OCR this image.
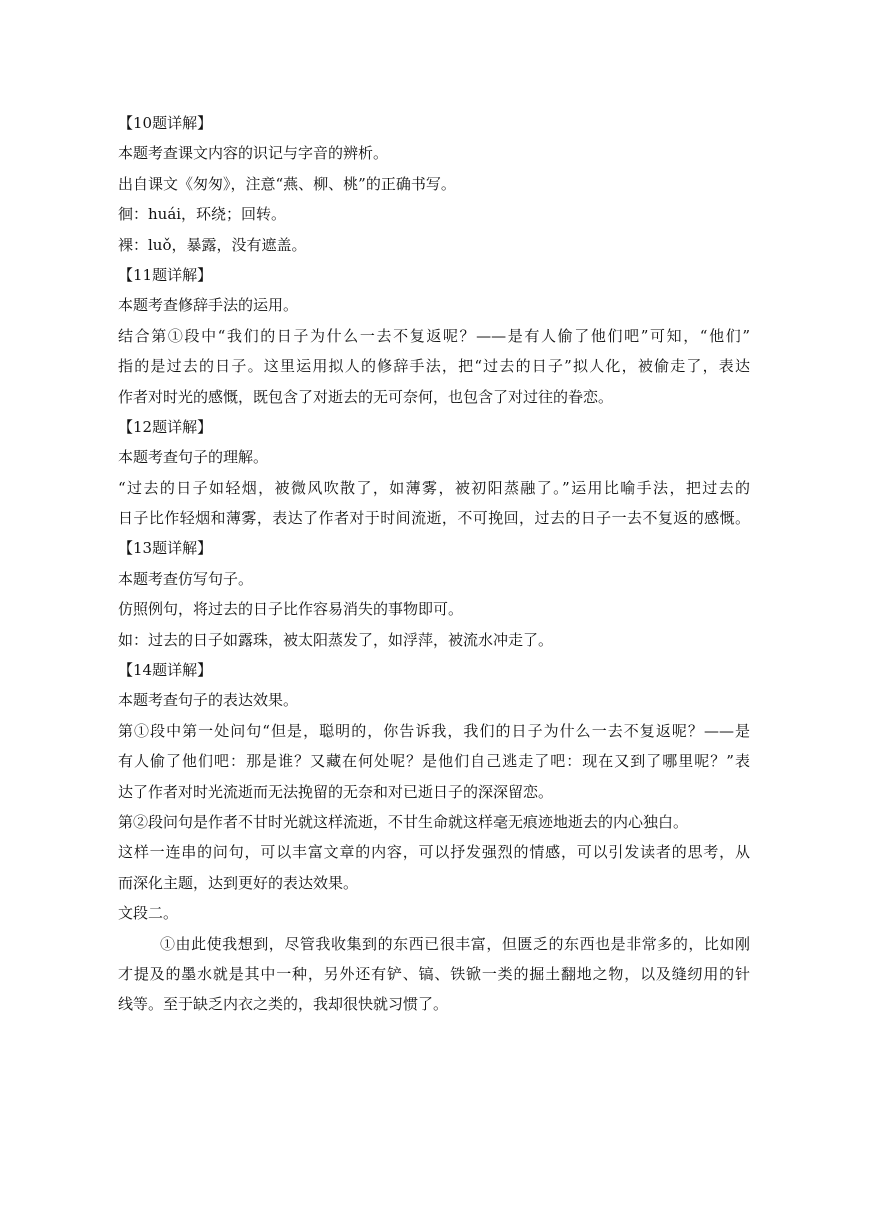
【10题详解】
本题考查课文内容的识记与字音的辨析。
出自课文《匆匆》，注意“燕、柳、桃”的正确书写。
徊：huái，环绕；回转。
裸：luǒ，暴露，没有遮盖。
【11题详解】
本题考查修辞手法的运用。
结合第①段中“我们的日子为什么一去不复返呢？——是有人偷了他们吧”可知，“他们”
指的是过去的日子。这里运用拟人的修辞手法，把“过去的日子”拟人化，被偷走了，表达
作者对时光的感慨，既包含了对逝去的无可奈何，也包含了对过往的眷恋。
【12题详解】
本题考查句子的理解。
“过去的日子如轻烟，被微风吹散了，如薄雾，被初阳蒸融了。”运用比喻手法，把过去的
日子比作轻烟和薄雾，表达了作者对于时间流逝，不可挽回，过去的日子一去不复返的感慨。
【13题详解】
本题考查仿写句子。
仿照例句，将过去的日子比作容易消失的事物即可。
如：过去的日子如露珠，被太阳蒸发了，如浮萍，被流水冲走了。
【14题详解】
本题考查句子的表达效果。
第①段中第一处问句“但是，聪明的，你告诉我，我们的日子为什么一去不复返呢？——是
有人偷了他们吧：那是谁？又藏在何处呢？是他们自己逃走了吧：现在又到了哪里呢？”表
达了作者对时光流逝而无法挽留的无奈和对已逝日子的深深留恋。
第②段问句是作者不甘时光就这样流逝，不甘生命就这样毫无痕迹地逝去的内心独白。
这样一连串的问句，可以丰富文章的内容，可以抒发强烈的情感，可以引发读者的思考，从
而深化主题，达到更好的表达效果。
文段二。
①由此使我想到，尽管我收集到的东西已很丰富，但匮乏的东西也是非常多的，比如刚
才提及的墨水就是其中一种，另外还有铲、镐、铁锨一类的掘土翻地之物，以及缝纫用的针
线等。至于缺乏内衣之类的，我却很快就习惯了。
